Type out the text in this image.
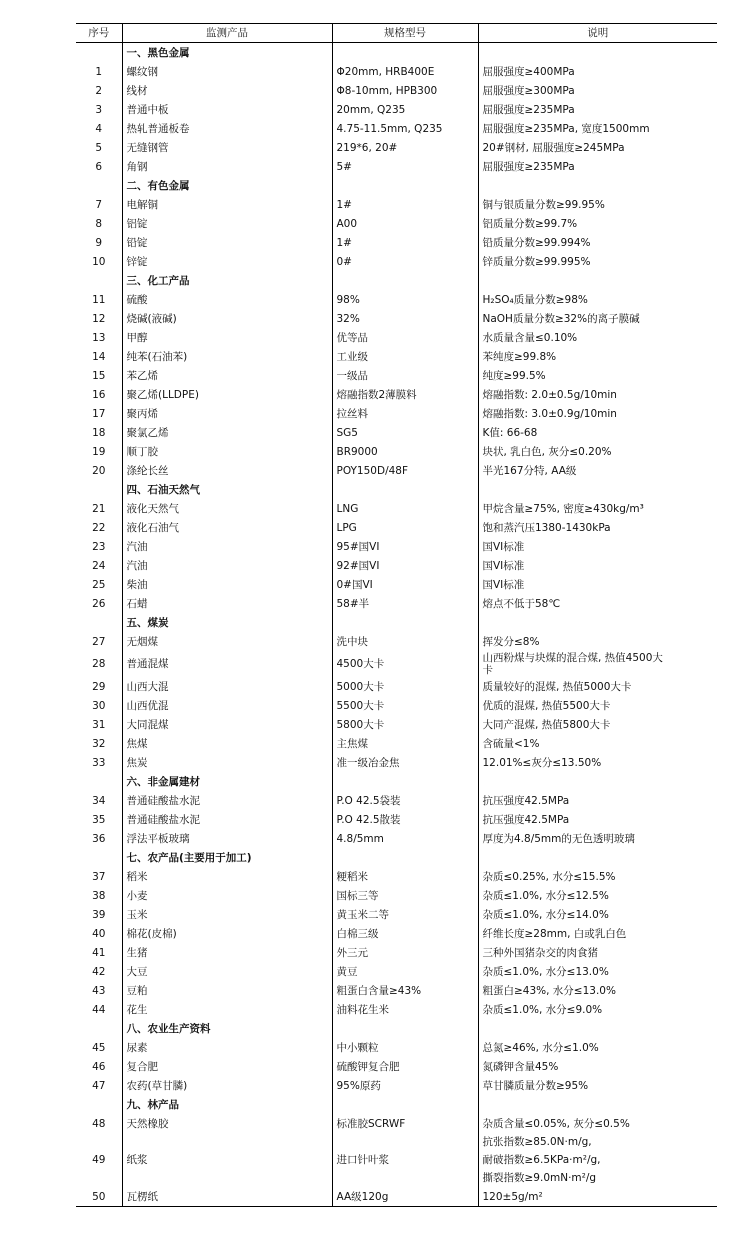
序号	监测产品	规格型号	说明
	一、黑色金属		
1	螺纹钢	Φ20mm, HRB400E	屈服强度≥400MPa

2	线材	Φ8-10mm, HPB300	屈服强度≥300MPa

3	普通中板	20mm, Q235	屈服强度≥235MPa

4	热轧普通板卷	4.75-11.5mm, Q235	屈服强度≥235MPa, 宽度1500mm

5	无缝钢管	219*6, 20#	20#钢材, 屈服强度≥245MPa

6	角钢	5#	屈服强度≥235MPa

	二、有色金属		
7	电解铜	1#	铜与银质量分数≥99.95%

8	铝锭	A00	铝质量分数≥99.7%

9	铅锭	1#	铅质量分数≥99.994%

10	锌锭	0#	锌质量分数≥99.995%

	三、化工产品		
11	硫酸	98%	H₂SO₄质量分数≥98%

12	烧碱(液碱)	32%	NaOH质量分数≥32%的离子膜碱

13	甲醇	优等品	水质量含量≤0.10%

14	纯苯(石油苯)	工业级	苯纯度≥99.8%

15	苯乙烯	一级品	纯度≥99.5%

16	聚乙烯(LLDPE)	熔融指数2薄膜料	熔融指数: 2.0±0.5g/10min

17	聚丙烯	拉丝料	熔融指数: 3.0±0.9g/10min

18	聚氯乙烯	SG5	K值: 66-68

19	顺丁胶	BR9000	块状, 乳白色, 灰分≤0.20%

20	涤纶长丝	POY150D/48F	半光167分特, AA级

	四、石油天然气		
21	液化天然气	LNG	甲烷含量≥75%, 密度≥430kg/m³

22	液化石油气	LPG	饱和蒸汽压1380-1430kPa

23	汽油	95#国VI	国VI标准

24	汽油	92#国VI	国VI标准

25	柴油	0#国VI	国VI标准

26	石蜡	58#半	熔点不低于58℃

	五、煤炭		
27	无烟煤	洗中块	挥发分≤8%

28	普通混煤	4500大卡	山西粉煤与块煤的混合煤, 热值4500大
卡

29	山西大混	5000大卡	质量较好的混煤, 热值5000大卡

30	山西优混	5500大卡	优质的混煤, 热值5500大卡

31	大同混煤	5800大卡	大同产混煤, 热值5800大卡

32	焦煤	主焦煤	含硫量<1%

33	焦炭	准一级冶金焦	12.01%≤灰分≤13.50%

	六、非金属建材		
34	普通硅酸盐水泥	P.O 42.5袋装	抗压强度42.5MPa

35	普通硅酸盐水泥	P.O 42.5散装	抗压强度42.5MPa

36	浮法平板玻璃	4.8/5mm	厚度为4.8/5mm的无色透明玻璃

	七、农产品(主要用于加工)		
37	稻米	粳稻米	杂质≤0.25%, 水分≤15.5%

38	小麦	国标三等	杂质≤1.0%, 水分≤12.5%

39	玉米	黄玉米二等	杂质≤1.0%, 水分≤14.0%

40	棉花(皮棉)	白棉三级	纤维长度≥28mm, 白或乳白色

41	生猪	外三元	三种外国猪杂交的肉食猪

42	大豆	黄豆	杂质≤1.0%, 水分≤13.0%

43	豆粕	粗蛋白含量≥43%	粗蛋白≥43%, 水分≤13.0%

44	花生	油料花生米	杂质≤1.0%, 水分≤9.0%

	八、农业生产资料		
45	尿素	中小颗粒	总氮≥46%, 水分≤1.0%

46	复合肥	硫酸钾复合肥	氮磷钾含量45%

47	农药(草甘膦)	95%原药	草甘膦质量分数≥95%

	九、林产品		
48	天然橡胶	标准胶SCRWF	杂质含量≤0.05%, 灰分≤0.5%

49	纸浆	进口针叶浆	抗张指数≥85.0N·m/g,
耐破指数≥6.5KPa·m²/g,
撕裂指数≥9.0mN·m²/g

50	瓦楞纸	AA级120g	120±5g/m²
